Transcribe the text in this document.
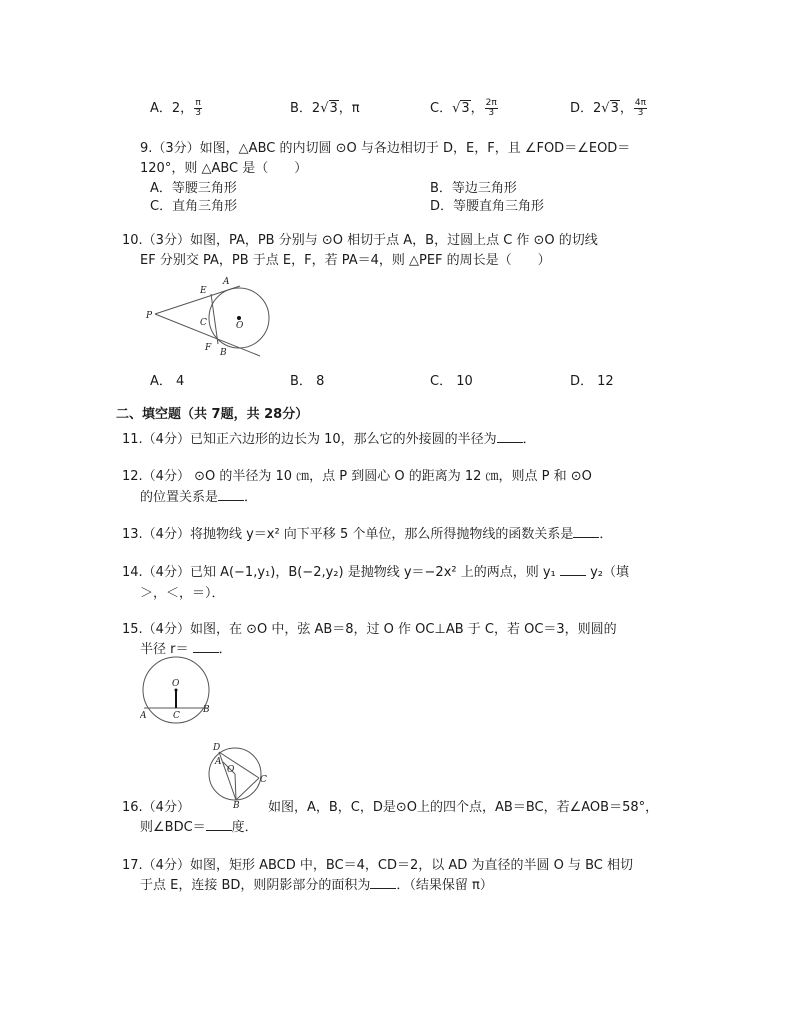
A．2， $\frac{\pi}{3}$	B．2√3，π	C．√3， $\frac{2\pi}{3}$	D．2√3， $\frac{4\pi}{3}$
9.（3分）如图，△ABC 的内切圆 ⊙O 与各边相切于 D，E，F，且 ∠FOD＝∠EOD＝
120°，则 △ABC 是（　　）
A．等腰三角形	B．等边三角形
C．直角三角形	D．等腰直角三角形
10.（3分）如图，PA，PB 分别与 ⊙O 相切于点 A，B，过圆上点 C 作 ⊙O 的切线
EF 分别交 PA，PB 于点 E，F，若 PA＝4，则 △PEF 的周长是（　　）
P
E
A
C	O
F B
A． 4	B． 8	C． 10	D． 12
二、填空题（共 7题，共 28分）
11.（4分）已知正六边形的边长为 10，那么它的外接圆的半径为 ．
12.（4分） ⊙O 的半径为 10 ㎝，点 P 到圆心 O 的距离为 12 ㎝，则点 P 和 ⊙O
的位置关系是 ．
13.（4分）将抛物线 y＝x² 向下平移 5 个单位，那么所得抛物线的函数关系是 ．
14.（4分）已知 A(−1,y₁)，B(−2,y₂) 是抛物线 y＝−2x² 上的两点，则 y₁	y₂（填
＞，＜，＝）．
15.（4分）如图，在 ⊙O 中，弦 AB＝8，过 O 作 OC⊥AB 于 C，若 OC＝3，则圆的
半径 r＝ ．
O
A	C
B
D
A
O
C
B
16.（4分）	如图，A，B，C，D是⊙O上的四个点，AB＝BC，若∠AOB＝58°，
则∠BDC＝ 度．
17.（4分）如图，矩形 ABCD 中，BC＝4，CD＝2，以 AD 为直径的半圆 O 与 BC 相切
于点 E，连接 BD，则阴影部分的面积为 ．（结果保留 π）
